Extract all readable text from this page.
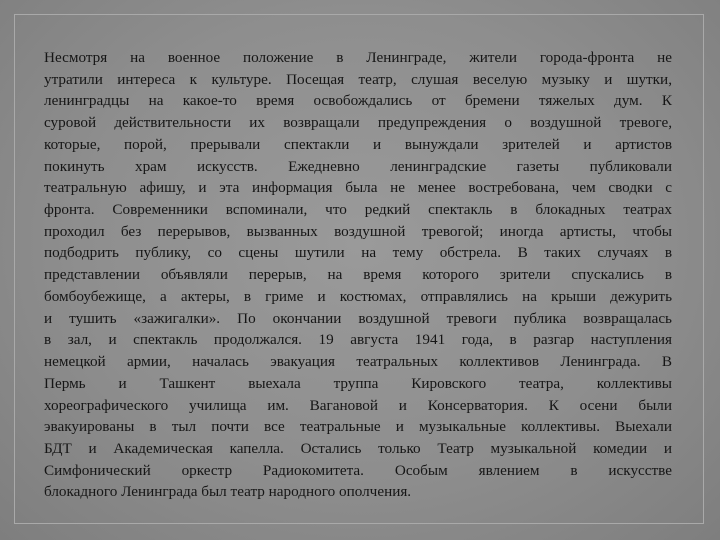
Несмотря на военное положение в Ленинграде, жители города-фронта не
утратили интереса к культуре. Посещая театр, слушая веселую музыку и шутки,
ленинградцы на какое-то время освобождались от бремени тяжелых дум. К
суровой действительности их возвращали предупреждения о воздушной тревоге,
которые, порой, прерывали спектакли и вынуждали зрителей и артистов
покинуть храм искусств. Ежедневно ленинградские газеты публиковали
театральную афишу, и эта информация была не менее востребована, чем сводки с
фронта. Современники вспоминали, что редкий спектакль в блокадных театрах
проходил без перерывов, вызванных воздушной тревогой; иногда артисты, чтобы
подбодрить публику, со сцены шутили на тему обстрела. В таких случаях в
представлении объявляли перерыв, на время которого зрители спускались в
бомбоубежище, а актеры, в гриме и костюмах, отправлялись на крыши дежурить
и тушить «зажигалки». По окончании воздушной тревоги публика возвращалась
в зал, и спектакль продолжался. 19 августа 1941 года, в разгар наступления
немецкой армии, началась эвакуация театральных коллективов Ленинграда. В
Пермь и Ташкент выехала труппа Кировского театра, коллективы
хореографического училища им. Вагановой и Консерватория. К осени были
эвакуированы в тыл почти все театральные и музыкальные коллективы. Выехали
БДТ и Академическая капелла. Остались только Театр музыкальной комедии и
Симфонический оркестр Радиокомитета. Особым явлением в искусстве
блокадного Ленинграда был театр народного ополчения.
